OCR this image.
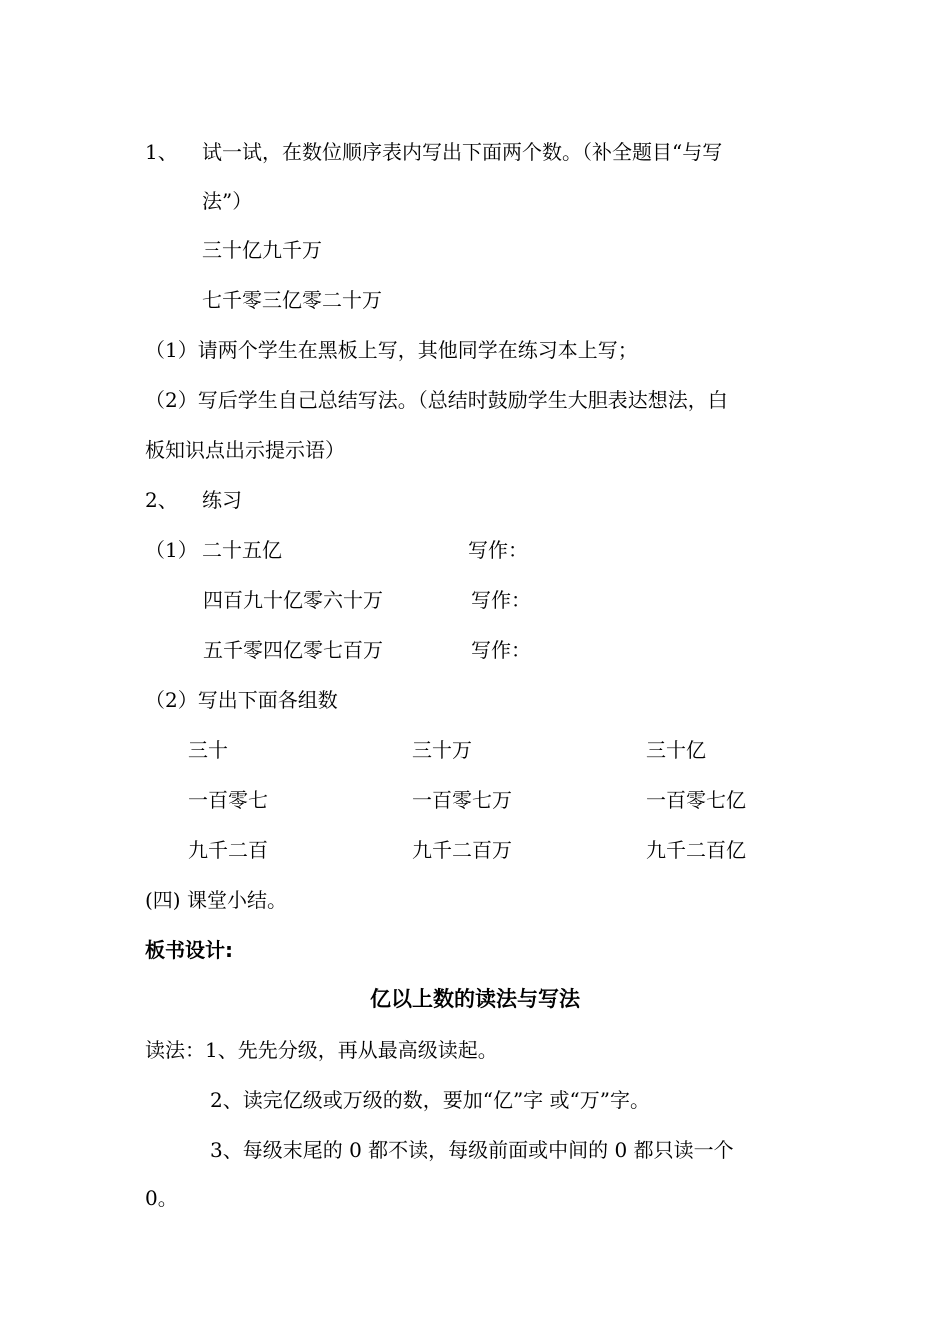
1、 试一试，在数位顺序表内写出下面两个数。（补全题目“与写
法”）
三十亿九千万
七千零三亿零二十万
（1）请两个学生在黑板上写，其他同学在练习本上写；
（2）写后学生自己总结写法。（总结时鼓励学生大胆表达想法，白
板知识点出示提示语）
2、 练习
（1） 二十五亿	写作：
四百九十亿零六十万	写作：
五千零四亿零七百万	写作：
（2）写出下面各组数
三十	三十万	三十亿
一百零七	一百零七万	一百零七亿
九千二百	九千二百万	九千二百亿
(四) 课堂小结。
板书设计:
亿以上数的读法与写法
读法：1、先先分级，再从最高级读起。
2、读完亿级或万级的数，要加“亿”字 或“万”字。
3、每级末尾的 0 都不读，每级前面或中间的 0 都只读一个
0。
